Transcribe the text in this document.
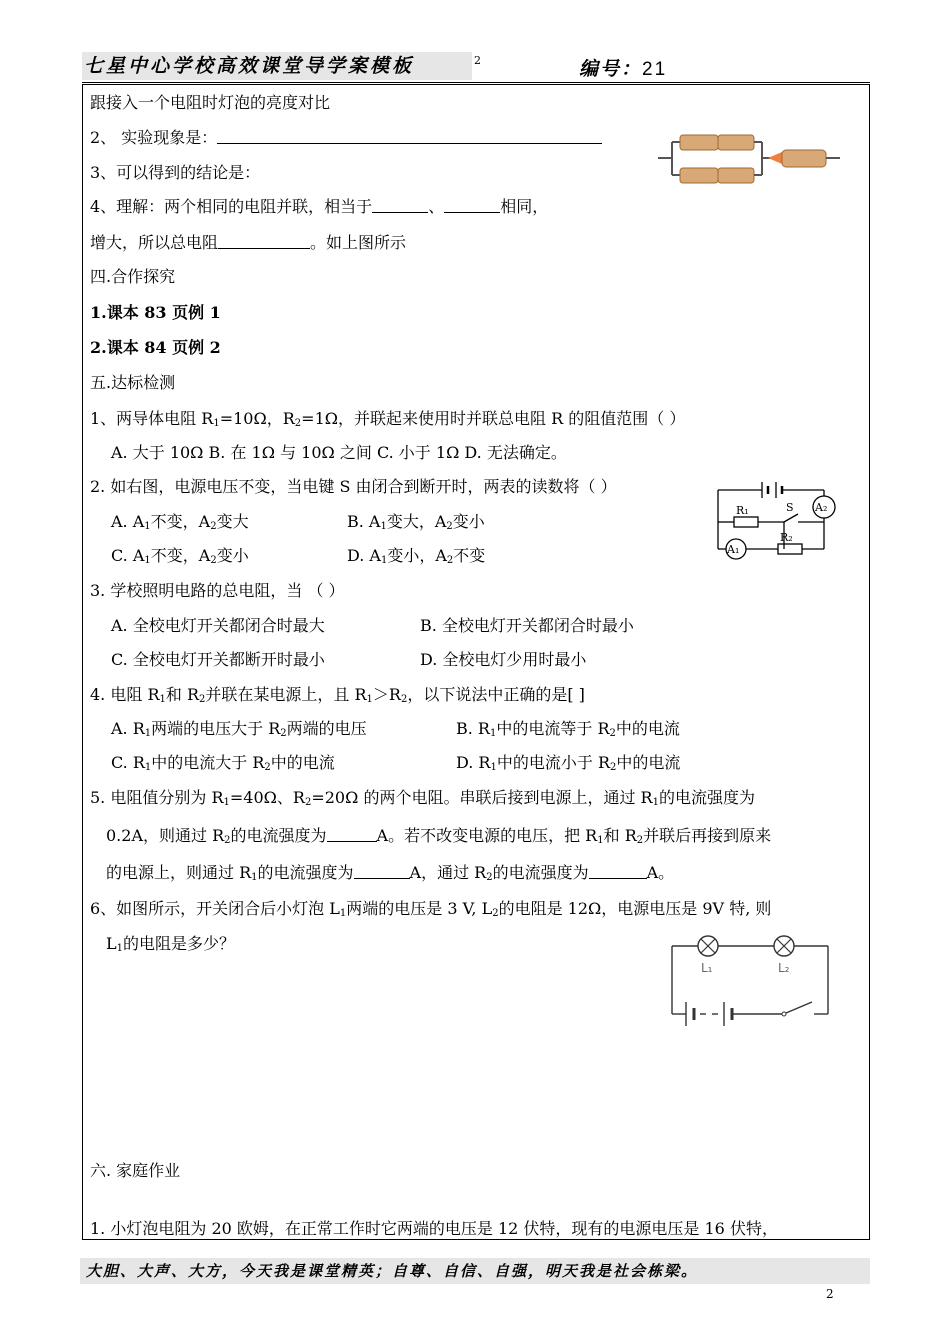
七星中心学校高效课堂导学案模板	2	编号：21
跟接入一个电阻时灯泡的亮度对比
2、 实验现象是：
3、可以得到的结论是：
4、理解：两个相同的电阻并联，相当于	、	相同，
增大，所以总电阻	。如上图所示
四.合作探究
1.课本 83 页例 1
2.课本 84 页例 2
五.达标检测
1、两导体电阻 $R_1=10\Omega$，$R_2=1\Omega$，并联起来使用时并联总电阻 R 的阻值范围（ ）
A. 大于 10Ω B. 在 1Ω 与 10Ω 之间 C. 小于 1Ω D. 无法确定。
2. 如右图，电源电压不变，当电键 S 由闭合到断开时，两表的读数将（ ）
A. $A_1$不变，$A_2$变大	B. $A_1$变大，$A_2$变小
C. $A_1$不变，$A_2$变小	D. $A_1$变小，$A_2$不变
A₂
R₁	S
A₁
R₂
3. 学校照明电路的总电阻，当 （ ）
A. 全校电灯开关都闭合时最大	B. 全校电灯开关都闭合时最小
C. 全校电灯开关都断开时最小	D. 全校电灯少用时最小
4. 电阻 $R_1$和 $R_2$并联在某电源上，且 $R_1>R_2$，以下说法中正确的是[ ]
A. $R_1$两端的电压大于 $R_2$两端的电压	B. $R_1$中的电流等于 $R_2$中的电流
C. $R_1$中的电流大于 $R_2$中的电流	D. $R_1$中的电流小于 $R_2$中的电流
5. 电阻值分别为 $R_1=40\Omega$、$R_2=20\Omega$ 的两个电阻。串联后接到电源上，通过 $R_1$的电流强度为
0.2A，则通过 $R_2$的电流强度为	A。若不改变电源的电压，把 $R_1$和 $R_2$并联后再接到原来
的电源上，则通过 $R_1$的电流强度为	A，通过 $R_2$的电流强度为	A。
6、如图所示，开关闭合后小灯泡 $L_1$两端的电压是 3 V, $L_2$的电阻是 12Ω，电源电压是 9V 特, 则
$L_1$的电阻是多少？
L₁	L₂
六. 家庭作业
1. 小灯泡电阻为 20 欧姆，在正常工作时它两端的电压是 12 伏特，现有的电源电压是 16 伏特，
大胆、大声、大方，今天我是课堂精英；自尊、自信、自强，明天我是社会栋梁。
2
